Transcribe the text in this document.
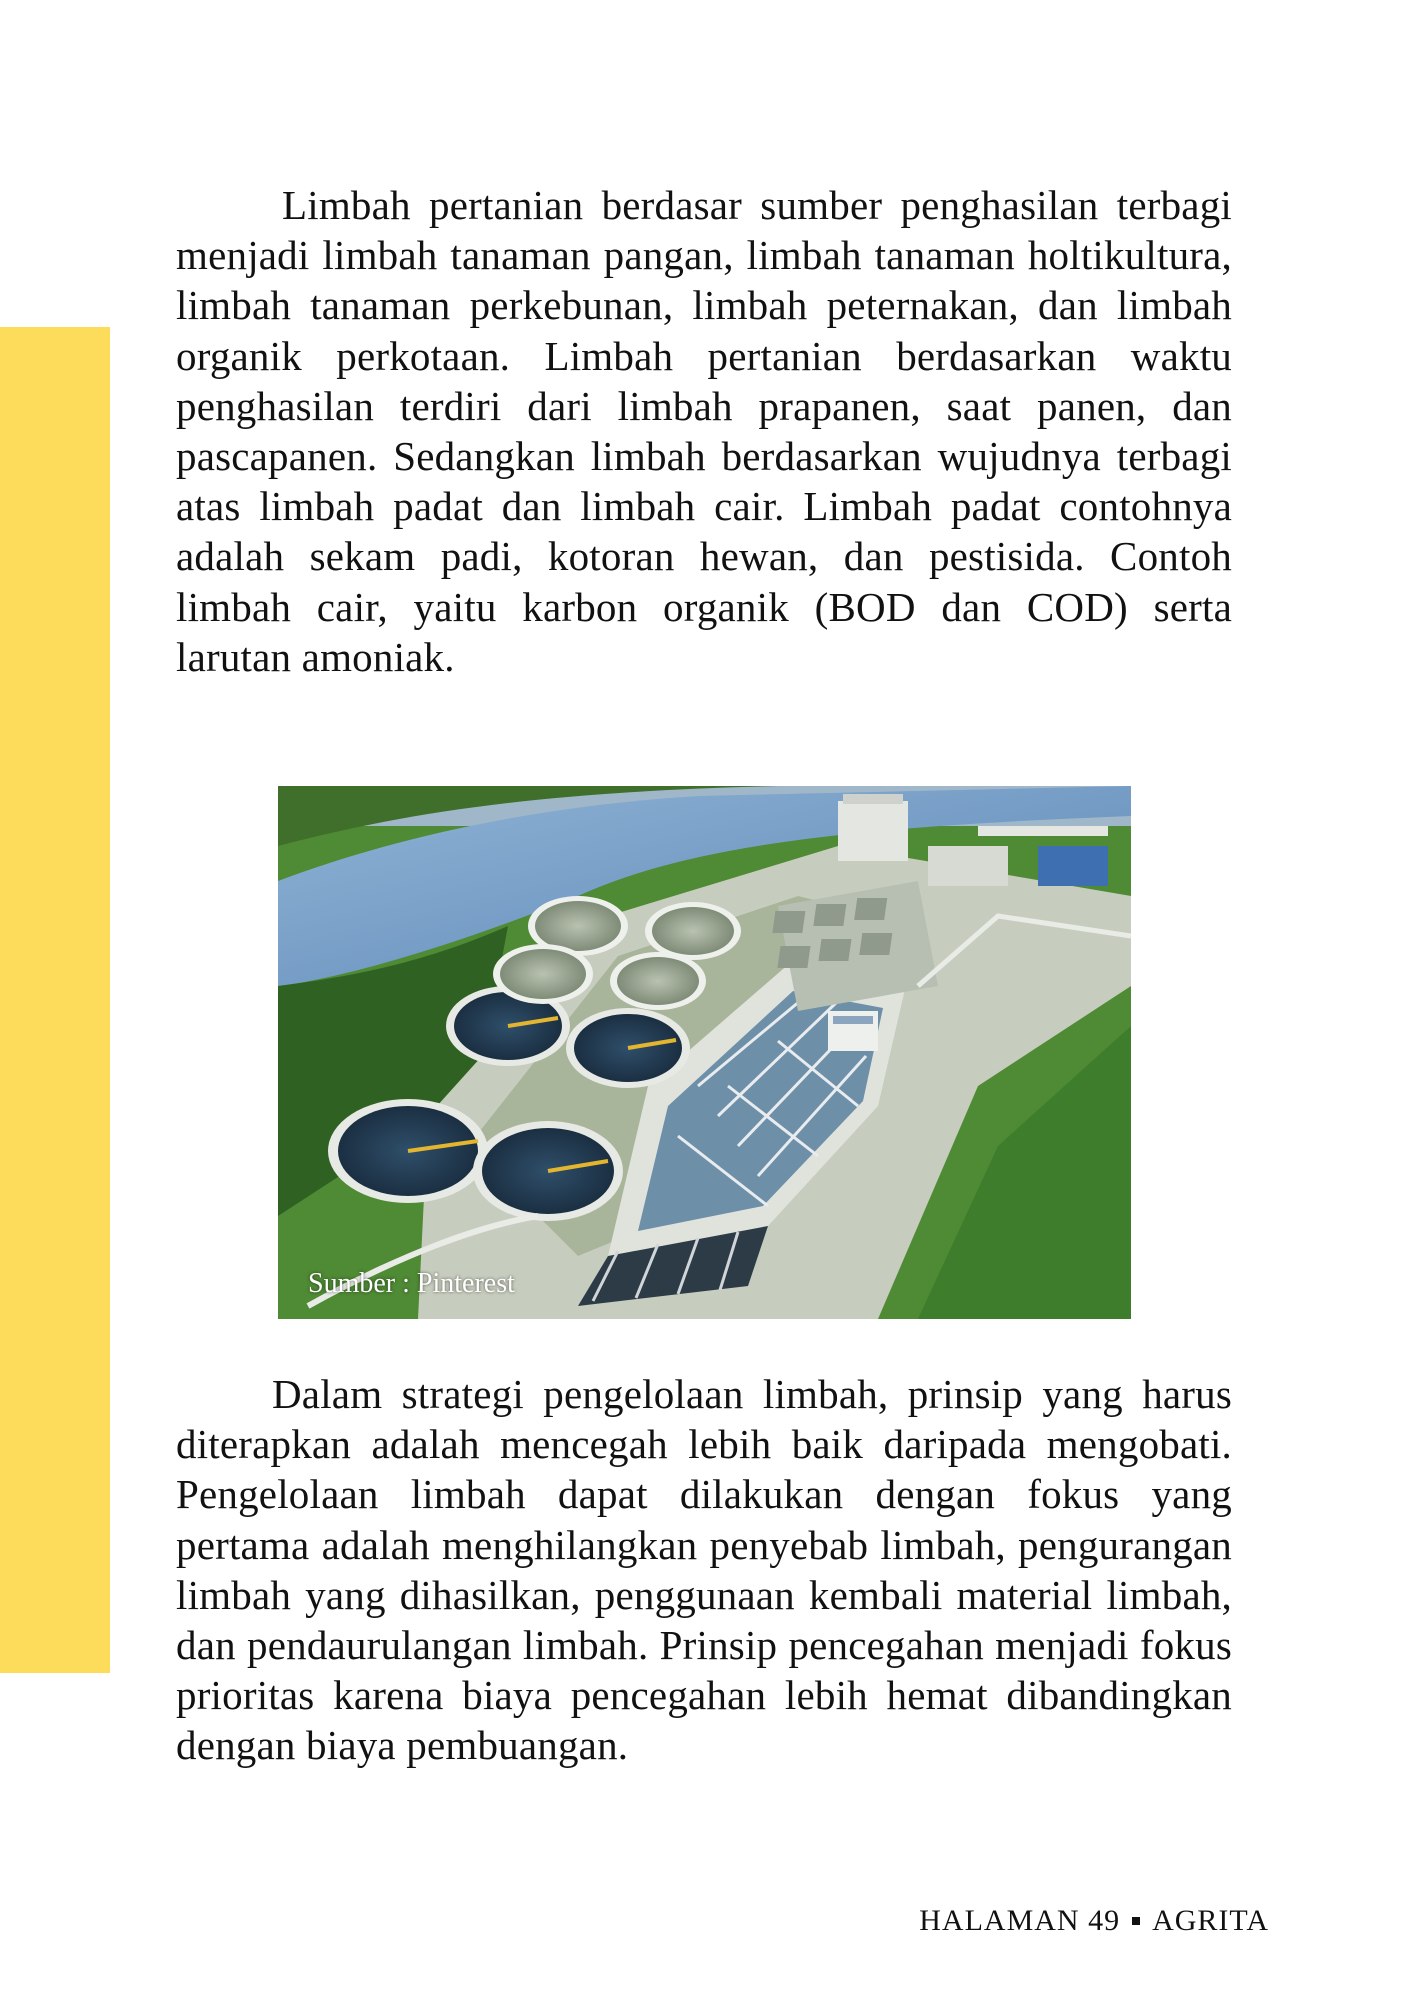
Limbah pertanian berdasar sumber penghasilan terbagi menjadi limbah tanaman pangan, limbah tanaman holtikultura, limbah tanaman perkebunan, limbah peternakan, dan limbah organik perkotaan. Limbah pertanian berdasarkan waktu penghasilan terdiri dari limbah prapanen, saat panen, dan pascapanen. Sedangkan limbah berdasarkan wujudnya terbagi atas limbah padat dan limbah cair. Limbah padat contohnya adalah sekam padi, kotoran hewan, dan pestisida. Contoh limbah cair, yaitu karbon organik (BOD dan COD) serta larutan amoniak.

Sumber : Pinterest

Dalam strategi pengelolaan limbah, prinsip yang harus diterapkan adalah mencegah lebih baik daripada mengobati. Pengelolaan limbah dapat dilakukan dengan fokus yang pertama adalah menghilangkan penyebab limbah, pengurangan limbah yang dihasilkan, penggunaan kembali material limbah, dan pendaurulangan limbah. Prinsip pencegahan menjadi fokus prioritas karena biaya pencegahan lebih hemat dibandingkan dengan biaya pembuangan.

HALAMAN 49 AGRITA
